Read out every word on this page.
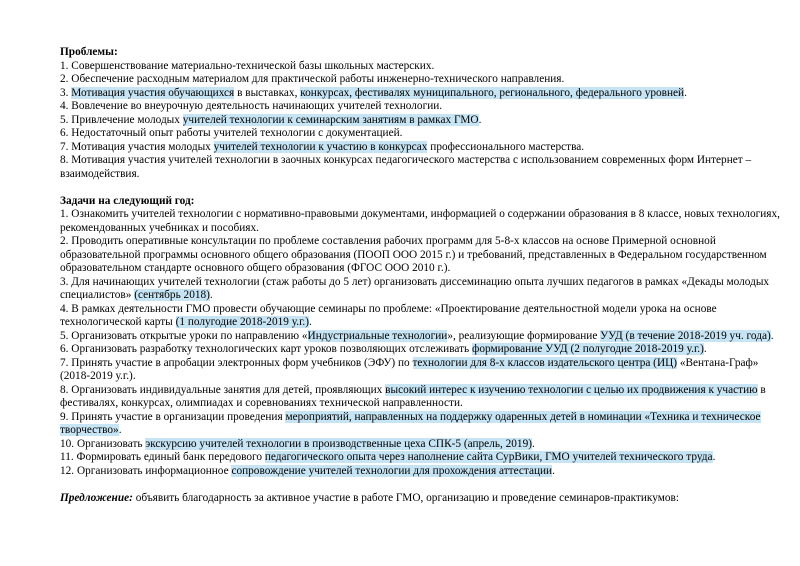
Проблемы:

1. Совершенствование материально-технической базы школьных мастерских.

2. Обеспечение расходным материалом для практической работы инженерно-технического направления.

3. Мотивация участия обучающихся в выставках, конкурсах, фестивалях муниципального, регионального, федерального уровней.

4. Вовлечение во внеурочную деятельность начинающих учителей технологии.

5. Привлечение молодых учителей технологии к семинарским занятиям в рамках ГМО.

6. Недостаточный опыт работы учителей технологии с документацией.

7. Мотивация участия молодых учителей технологии к участию в конкурсах профессионального мастерства.

8. Мотивация участия учителей технологии в заочных конкурсах педагогического мастерства с использованием современных форм Интернет – взаимодействия.

Задачи на следующий год:

1. Ознакомить учителей технологии с нормативно-правовыми документами, информацией о содержании образования в 8 классе, новых технологиях, рекомендованных учебниках и пособиях.

2. Проводить оперативные консультации по проблеме составления рабочих программ для 5-8-х классов на основе Примерной основной образовательной программы основного общего образования (ПООП ООО 2015 г.) и требований, представленных в Федеральном государственном образовательном стандарте основного общего образования (ФГОС ООО 2010 г.).

3. Для начинающих учителей технологии (стаж работы до 5 лет) организовать диссеминацию опыта лучших педагогов в рамках «Декады молодых специалистов» (сентябрь 2018).

4. В рамках деятельности ГМО провести обучающие семинары по проблеме: «Проектирование деятельностной модели урока на основе технологической карты (1 полугодие 2018-2019 у.г.).

5. Организовать открытые уроки по направлению «Индустриальные технологии», реализующие формирование УУД (в течение 2018-2019 уч. года).

6. Организовать разработку технологических карт уроков позволяющих отслеживать формирование УУД (2 полугодие 2018-2019 у.г.).

7. Принять участие в апробации электронных форм учебников (ЭФУ) по технологии для 8-х классов издательского центра (ИЦ) «Вентана-Граф» (2018-2019 у.г.).

8. Организовать индивидуальные занятия для детей, проявляющих высокий интерес к изучению технологии с целью их продвижения к участию в фестивалях, конкурсах, олимпиадах и соревнованиях технической направленности.

9. Принять участие в организации проведения мероприятий, направленных на поддержку одаренных детей в номинации «Техника и техническое творчество».

10. Организовать экскурсию учителей технологии в производственные цеха СПК-5 (апрель, 2019).

11. Формировать единый банк передового педагогического опыта через наполнение сайта СурВики, ГМО учителей технического труда.

12. Организовать информационное сопровождение учителей технологии для прохождения аттестации.

Предложение: объявить благодарность за активное участие в работе ГМО, организацию и проведение семинаров-практикумов:
